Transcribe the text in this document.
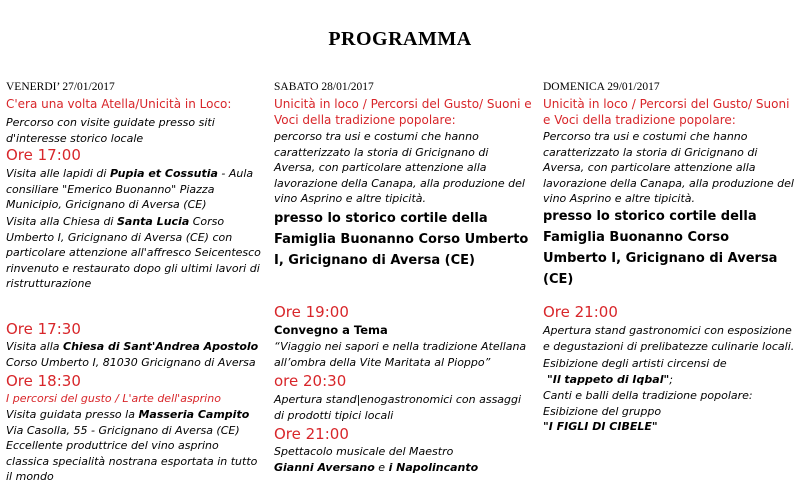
PROGRAMMA

VENERDI’ 27/01/2017

C'era una volta Atella/Unicità in Loco:

Percorso con visite guidate presso siti d'interesse storico locale

Ore 17:00

Visita alle lapidi di Pupia et Cossutia - Aula consiliare "Emerico Buonanno" Piazza Municipio, Gricignano di Aversa (CE)

Visita alla Chiesa di Santa Lucia Corso Umberto I, Gricignano di Aversa (CE) con particolare attenzione all'affresco Seicentesco rinvenuto e restaurato dopo gli ultimi lavori di ristrutturazione

Ore 17:30

Visita alla Chiesa di Sant'Andrea Apostolo Corso Umberto I, 81030 Gricignano di Aversa

Ore 18:30

I percorsi del gusto / L'arte dell'asprino

Visita guidata presso la Masseria Campito Via Casolla, 55 - Gricignano di Aversa (CE) Eccellente produttrice del vino asprino classica specialità nostrana esportata in tutto il mondo

SABATO 28/01/2017

Unicità in loco / Percorsi del Gusto/ Suoni e Voci della tradizione popolare:

percorso tra usi e costumi che hanno caratterizzato la storia di Gricignano di Aversa, con particolare attenzione alla lavorazione della Canapa, alla produzione del vino Asprino e altre tipicità.

presso lo storico cortile della Famiglia Buonanno Corso Umberto I, Gricignano di Aversa (CE)

Ore 19:00

Convegno a Tema

“Viaggio nei sapori e nella tradizione Atellana all’ombra della Vite Maritata al Pioppo”

ore 20:30

Apertura stand|enogastronomici con assaggi di prodotti tipici locali

Ore 21:00

Spettacolo musicale del Maestro

Gianni Aversano e i Napolincanto

DOMENICA 29/01/2017

Unicità in loco / Percorsi del Gusto/ Suoni e Voci della tradizione popolare:

Percorso tra usi e costumi che hanno caratterizzato la storia di Gricignano di Aversa, con particolare attenzione alla lavorazione della Canapa, alla produzione del vino Asprino e altre tipicità.

presso lo storico cortile della Famiglia Buonanno Corso Umberto I, Gricignano di Aversa (CE)

Ore 21:00

Apertura stand gastronomici con esposizione e degustazioni di prelibatezze culinarie locali.

Esibizione degli artisti circensi de

"Il tappeto di Iqbal";

Canti e balli della tradizione popolare: Esibizione del gruppo

"I FIGLI DI CIBELE"
